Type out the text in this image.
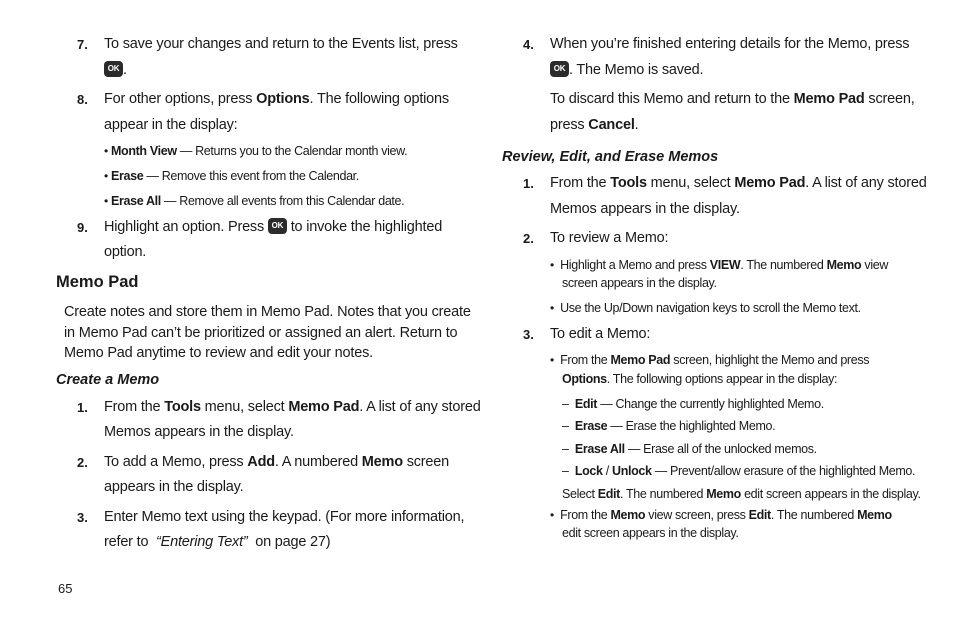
7. To save your changes and return to the Events list, press
OK .
8. For other options, press Options. The following options
appear in the display:
• Month View — Returns you to the Calendar month view.
• Erase — Remove this event from the Calendar.
• Erase All — Remove all events from this Calendar date.
9. Highlight an option. Press OK to invoke the highlighted
option.
Memo Pad
Create notes and store them in Memo Pad. Notes that you create
in Memo Pad can’t be prioritized or assigned an alert. Return to
Memo Pad anytime to review and edit your notes.
Create a Memo
1. From the Tools menu, select Memo Pad. A list of any stored
Memos appears in the display.
2. To add a Memo, press Add. A numbered Memo screen
appears in the display.
3. Enter Memo text using the keypad. (For more information,
refer to  “Entering Text”  on page 27)
4. When you’re finished entering details for the Memo, press
OK . The Memo is saved.
To discard this Memo and return to the Memo Pad screen,
press Cancel.
Review, Edit, and Erase Memos
1. From the Tools menu, select Memo Pad. A list of any stored
Memos appears in the display.
2. To review a Memo:
• Highlight a Memo and press VIEW. The numbered Memo view
screen appears in the display.
• Use the Up/Down navigation keys to scroll the Memo text.
3. To edit a Memo:
• From the Memo Pad screen, highlight the Memo and press
Options. The following options appear in the display:
– Edit — Change the currently highlighted Memo.
– Erase — Erase the highlighted Memo.
– Erase All — Erase all of the unlocked memos.
– Lock / Unlock — Prevent/allow erasure of the highlighted Memo.
Select Edit. The numbered Memo edit screen appears in the display.
• From the Memo view screen, press Edit. The numbered Memo
edit screen appears in the display.
65
